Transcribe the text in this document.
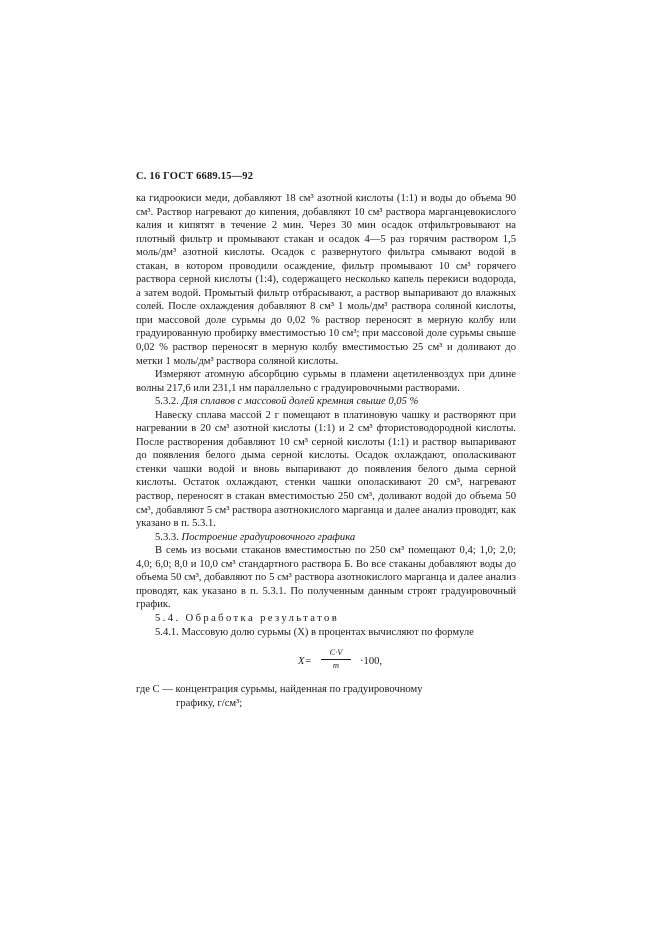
С. 16 ГОСТ 6689.15—92

ка гидроокиси меди, добавляют 18 см³ азотной кислоты (1:1) и воды до объема 90 см³. Раствор нагревают до кипения, добавляют 10 см³ раствора марганцевокислого калия и кипятят в течение 2 мин. Через 30 мин осадок отфильтровывают на плотный фильтр и промывают стакан и осадок 4—5 раз горячим раствором 1,5 моль/дм³ азотной кислоты. Осадок с развернутого фильтра смывают водой в стакан, в котором проводили осаждение, фильтр промывают 10 см³ горячего раствора серной кислоты (1:4), содержащего несколько капель перекиси водорода, а затем водой. Промытый фильтр отбрасывают, а раствор выпаривают до влажных солей. После охлаждения добавляют 8 см³ 1 моль/дм³ раствора соляной кислоты, при массовой доле сурьмы до 0,02 % раствор переносят в мерную колбу или градуированную пробирку вместимостью 10 см³; при массовой доле сурьмы свыше 0,02 % раствор переносят в мерную колбу вместимостью 25 см³ и доливают до метки 1 моль/дм³ раствора соляной кислоты.

Измеряют атомную абсорбцию сурьмы в пламени ацетиленвоздух при длине волны 217,6 или 231,1 нм параллельно с градуировочными растворами.

5.3.2. Для сплавов с массовой долей кремния свыше 0,05 %

Навеску сплава массой 2 г помещают в платиновую чашку и растворяют при нагревании в 20 см³ азотной кислоты (1:1) и 2 см³ фтористоводородной кислоты. После растворения добавляют 10 см³ серной кислоты (1:1) и раствор выпаривают до появления белого дыма серной кислоты. Осадок охлаждают, ополаскивают стенки чашки водой и вновь выпаривают до появления белого дыма серной кислоты. Остаток охлаждают, стенки чашки ополаскивают 20 см³, нагревают раствор, переносят в стакан вместимостью 250 см³, доливают водой до объема 50 см³, добавляют 5 см³ раствора азотнокислого марганца и далее анализ проводят, как указано в п. 5.3.1.

5.3.3. Построение градуировочного графика

В семь из восьми стаканов вместимостью по 250 см³ помещают 0,4; 1,0; 2,0; 4,0; 6,0; 8,0 и 10,0 см³ стандартного раствора Б. Во все стаканы добавляют воды до объема 50 см³, добавляют по 5 см³ раствора азотнокислого марганца и далее анализ проводят, как указано в п. 5.3.1. По полученным данным строят градуировочный график.

5.4. Обработка результатов

5.4.1. Массовую долю сурьмы (X) в процентах вычисляют по формуле

$X= \frac{C\cdot V}{m} \cdot 100$,

где C — концентрация сурьмы, найденная по градуировочному

графику, г/см³;
